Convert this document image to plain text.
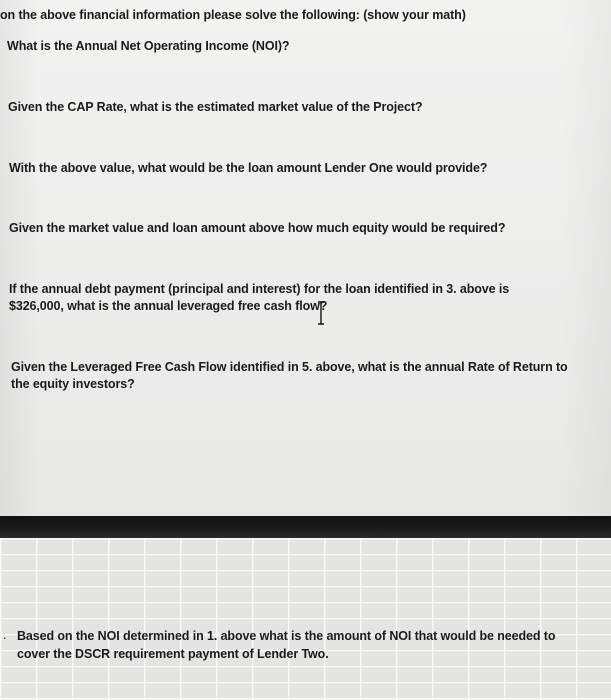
on the above financial information please solve the following: (show your math)
What is the Annual Net Operating Income (NOI)?
Given the CAP Rate, what is the estimated market value of the Project?
With the above value, what would be the loan amount Lender One would provide?
Given the market value and loan amount above how much equity would be required?
If the annual debt payment (principal and interest) for the loan identified in 3. above is
$326,000, what is the annual leveraged free cash flow?
Given the Leveraged Free Cash Flow identified in 5. above, what is the annual Rate of Return to
the equity investors?
. Based on the NOI determined in 1. above what is the amount of NOI that would be needed to
cover the DSCR requirement payment of Lender Two.
